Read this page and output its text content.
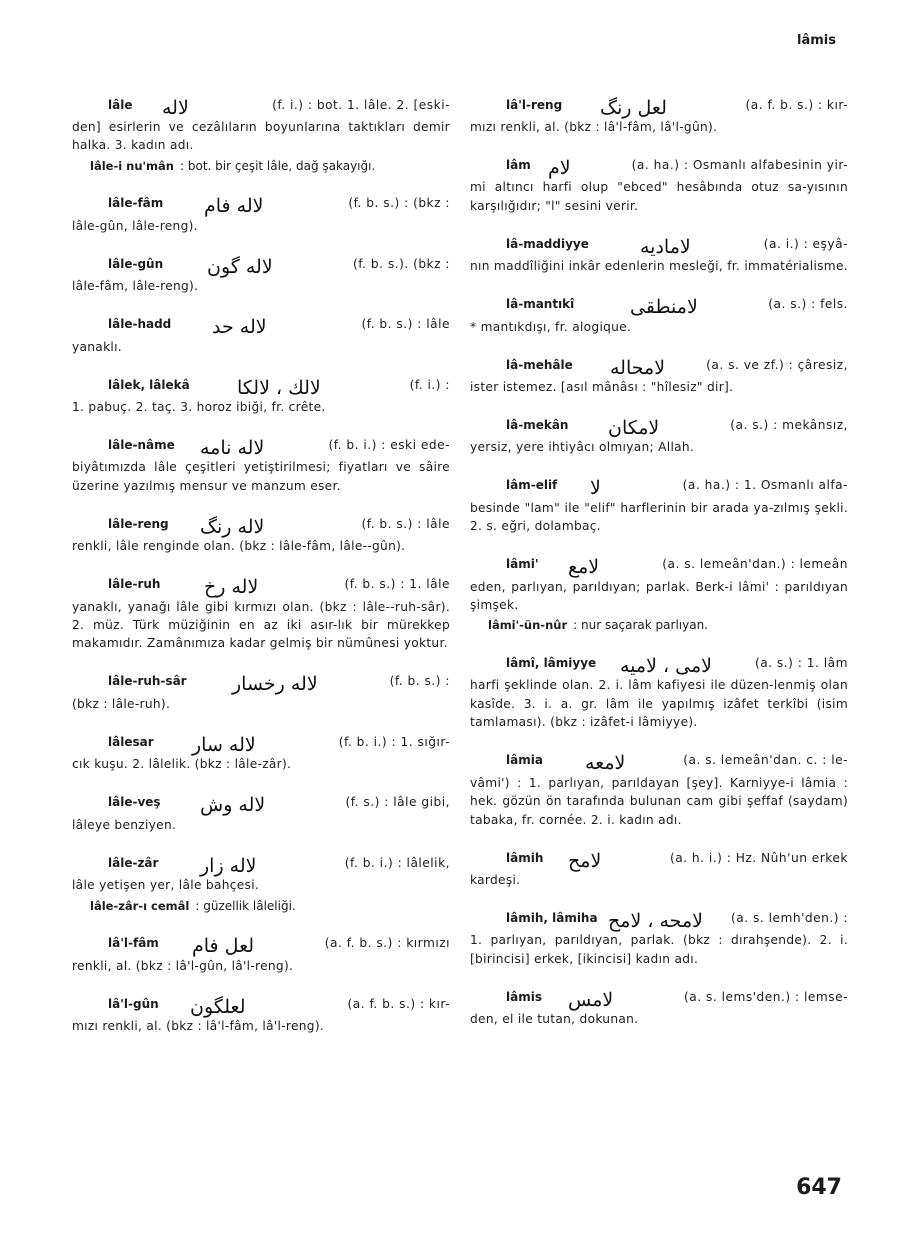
lâmis
lâle لاله	(f. i.) : bot. 1. lâle. 2. [eski-
den] esirlerin ve cezâlıların boyunlarına taktıkları demir halka. 3. kadın adı.
lâle-i nu'mân : bot. bir çeşit lâle, dağ şakayığı.
lâle-fâm لاله فام	(f. b. s.) : (bkz :
lâle-gûn, lâle-reng).
lâle-gûn لاله گون	(f. b. s.). (bkz :
lâle-fâm, lâle-reng).
lâle-hadd لاله حد	(f. b. s.) : lâle
yanaklı.
lâlek, lâlekâ لالك ، لالكا	(f. i.) :
1. pabuç. 2. taç. 3. horoz ibiği, fr. crête.
lâle-nâme لاله نامه	(f. b. i.) : eski ede-
biyâtımızda lâle çeşitleri yetiştirilmesi; fiyatları ve sâire üzerine yazılmış mensur ve manzum eser.
lâle-reng لاله رنگ	(f. b. s.) : lâle
renkli, lâle renginde olan. (bkz : lâle-fâm, lâle--gûn).
lâle-ruh لاله رخ	(f. b. s.) : 1. lâle
yanaklı, yanağı lâle gibi kırmızı olan. (bkz : lâle--ruh-sâr). 2. müz. Türk müziğinin en az iki asır-lık bir mürekkep makamıdır. Zamânımıza kadar gelmiş bir nümûnesi yoktur.
lâle-ruh-sâr لاله رخسار	(f. b. s.) :
(bkz : lâle-ruh).
lâlesar لاله سار	(f. b. i.) : 1. sığır-
cık kuşu. 2. lâlelik. (bkz : lâle-zâr).
lâle-veş لاله وش	(f. s.) : lâle gibi,
lâleye benziyen.
lâle-zâr لاله زار	(f. b. i.) : lâlelik,
lâle yetişen yer, lâle bahçesi.
lâle-zâr-ı cemâl : güzellik lâleliği.
lâ'l-fâm لعل فام	(a. f. b. s.) : kırmızı
renkli, al. (bkz : lâ'l-gûn, lâ'l-reng).
lâ'l-gûn لعلگون	(a. f. b. s.) : kır-
mızı renkli, al. (bkz : lâ'l-fâm, lâ'l-reng).
lâ'l-reng لعل رنگ	(a. f. b. s.) : kır-
mızı renkli, al. (bkz : lâ'l-fâm, lâ'l-gûn).
lâm لام	(a. ha.) : Osmanlı alfabesinin yir-
mi altıncı harfi olup "ebced" hesâbında otuz sa-yısının karşılığıdır; "l" sesini verir.
lâ-maddiyye	لامادیه	(a. i.) : eşyâ-
nın maddîliğini inkâr edenlerin mesleği, fr. immatérialisme.
lâ-mantıkî	لامنطقی	(a. s.) : fels.
* mantıkdışı, fr. alogique.
lâ-mehâle لامحاله	(a. s. ve zf.) : çâresiz,
ister istemez. [asıl mânâsı : "hîlesiz" dir].
lâ-mekân لامكان	(a. s.) : mekânsız,
yersiz, yere ihtiyâcı olmıyan; Allah.
lâm-elif لا	(a. ha.) : 1. Osmanlı alfa-
besinde "lam" ile "elif" harflerinin bir arada ya-zılmış şekli. 2. s. eğri, dolambaç.
lâmi' لامع	(a. s. lemeân'dan.) : lemeân
eden, parlıyan, parıldıyan; parlak. Berk-i lâmi' : parıldıyan şimşek.
lâmi'-ün-nûr : nur saçarak parlıyan.
lâmî, lâmiyye لامی ، لامیه	(a. s.) : 1. lâm
harfi şeklinde olan. 2. i. lâm kafiyesi ile düzen-lenmiş olan kasîde. 3. i. a. gr. lâm ile yapılmış izâfet terkîbi (isim tamlaması). (bkz : izâfet-i lâmiyye).
lâmia لامعه	(a. s. lemeân'dan. c. : le-
vâmi') : 1. parlıyan, parıldayan [şey]. Karniyye-i lâmia : hek. gözün ön tarafında bulunan cam gibi şeffaf (saydam) tabaka, fr. cornée. 2. i. kadın adı.
lâmih لامح	(a. h. i.) : Hz. Nûh'un erkek
kardeşi.
lâmih, lâmiha لامحه ، لامح (a. s. lemh'den.) :
1. parlıyan, parıldıyan, parlak. (bkz : dırahşende). 2. i. [birincisi] erkek, [ikincisi] kadın adı.
lâmis لامس	(a. s. lems'den.) : lemse-
den, el ile tutan, dokunan.
647
